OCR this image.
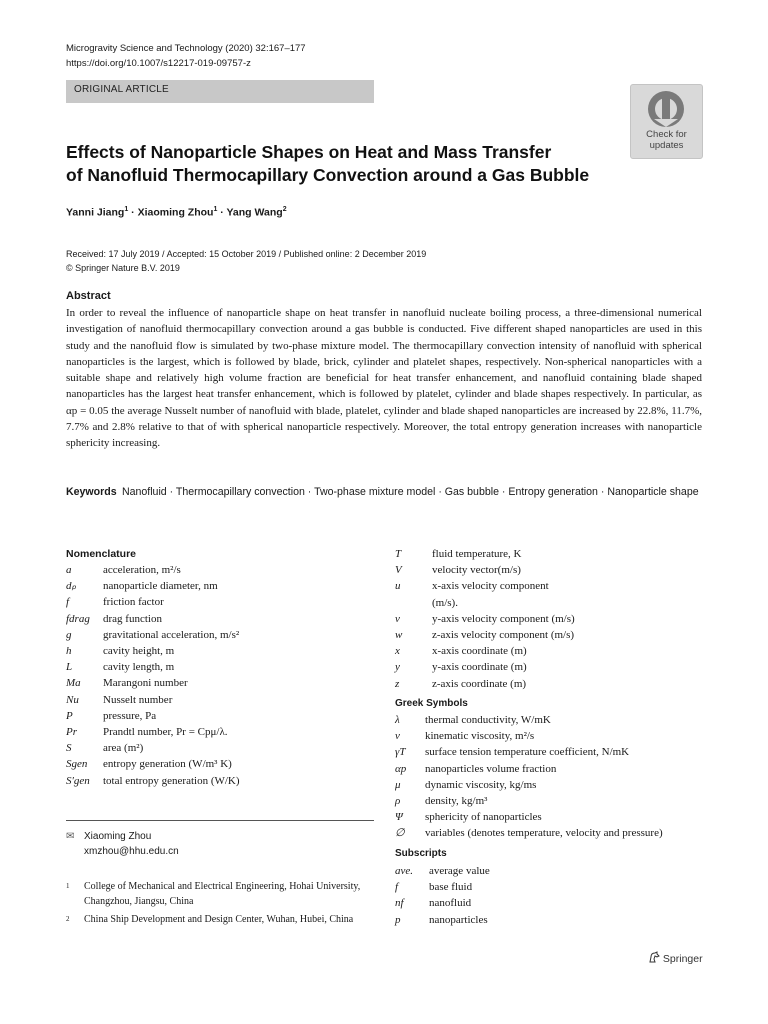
Microgravity Science and Technology (2020) 32:167–177
https://doi.org/10.1007/s12217-019-09757-z
ORIGINAL ARTICLE
Check for
updates
Effects of Nanoparticle Shapes on Heat and Mass Transfer
of Nanofluid Thermocapillary Convection around a Gas Bubble
Yanni Jiang$^1$ · Xiaoming Zhou$^1$ · Yang Wang$^2$
Received: 17 July 2019 / Accepted: 15 October 2019 / Published online: 2 December 2019
© Springer Nature B.V. 2019
Abstract
In order to reveal the influence of nanoparticle shape on heat transfer in nanofluid nucleate boiling process, a three-dimensional numerical investigation of nanofluid thermocapillary convection around a gas bubble is conducted. Five different shaped nanoparticles are used in this study and the nanofluid flow is simulated by two-phase mixture model. The thermocapillary convection intensity of nanofluid with spherical nanoparticles is the largest, which is followed by blade, brick, cylinder and platelet shapes, respectively. Non-spherical nanoparticles with a suitable shape and relatively high volume fraction are beneficial for heat transfer enhancement, and nanofluid containing blade shaped nanoparticles has the largest heat transfer enhancement, which is followed by platelet, cylinder and blade shapes respectively. In particular, as αp = 0.05 the average Nusselt number of nanofluid with blade, platelet, cylinder and blade shaped nanoparticles are increased by 22.8%, 11.7%, 7.7% and 2.8% relative to that of with spherical nanoparticle respectively. Moreover, the total entropy generation increases with nanoparticle sphericity increasing.
Keywords Nanofluid · Thermocapillary convection · Two-phase mixture model · Gas bubble · Entropy generation · Nanoparticle shape
Nomenclature
a	acceleration, m²/s
dₚ nanoparticle diameter, nm
f	friction factor
fdrag drag function
g	gravitational acceleration, m/s²
h	cavity height, m
L	cavity length, m
Ma Marangoni number
Nu Nusselt number
P	pressure, Pa
Pr Prandtl number, Pr = Cpμ/λ.
S	area (m²)
Sgen entropy generation (W/m³ K)
S′gen total entropy generation (W/K)
T	fluid temperature, K
V	velocity vector(m/s)
u	x-axis velocity component
(m/s).
v	y-axis velocity component (m/s)
w	z-axis velocity component (m/s)
x	x-axis coordinate (m)
y	y-axis coordinate (m)
z	z-axis coordinate (m)
Greek Symbols
λ thermal conductivity, W/mK
ν kinematic viscosity, m²/s
γT surface tension temperature coefficient, N/mK
αp nanoparticles volume fraction
μ dynamic viscosity, kg/ms
ρ density, kg/m³
Ψ sphericity of nanoparticles
∅ variables (denotes temperature, velocity and pressure)
Subscripts
ave. average value
f	base fluid
nf nanofluid
p	nanoparticles
✉ Xiaoming Zhou
xmzhou@hhu.edu.cn
1 College of Mechanical and Electrical Engineering, Hohai University, Changzhou, Jiangsu, China
2 China Ship Development and Design Center, Wuhan, Hubei, China
Springer
